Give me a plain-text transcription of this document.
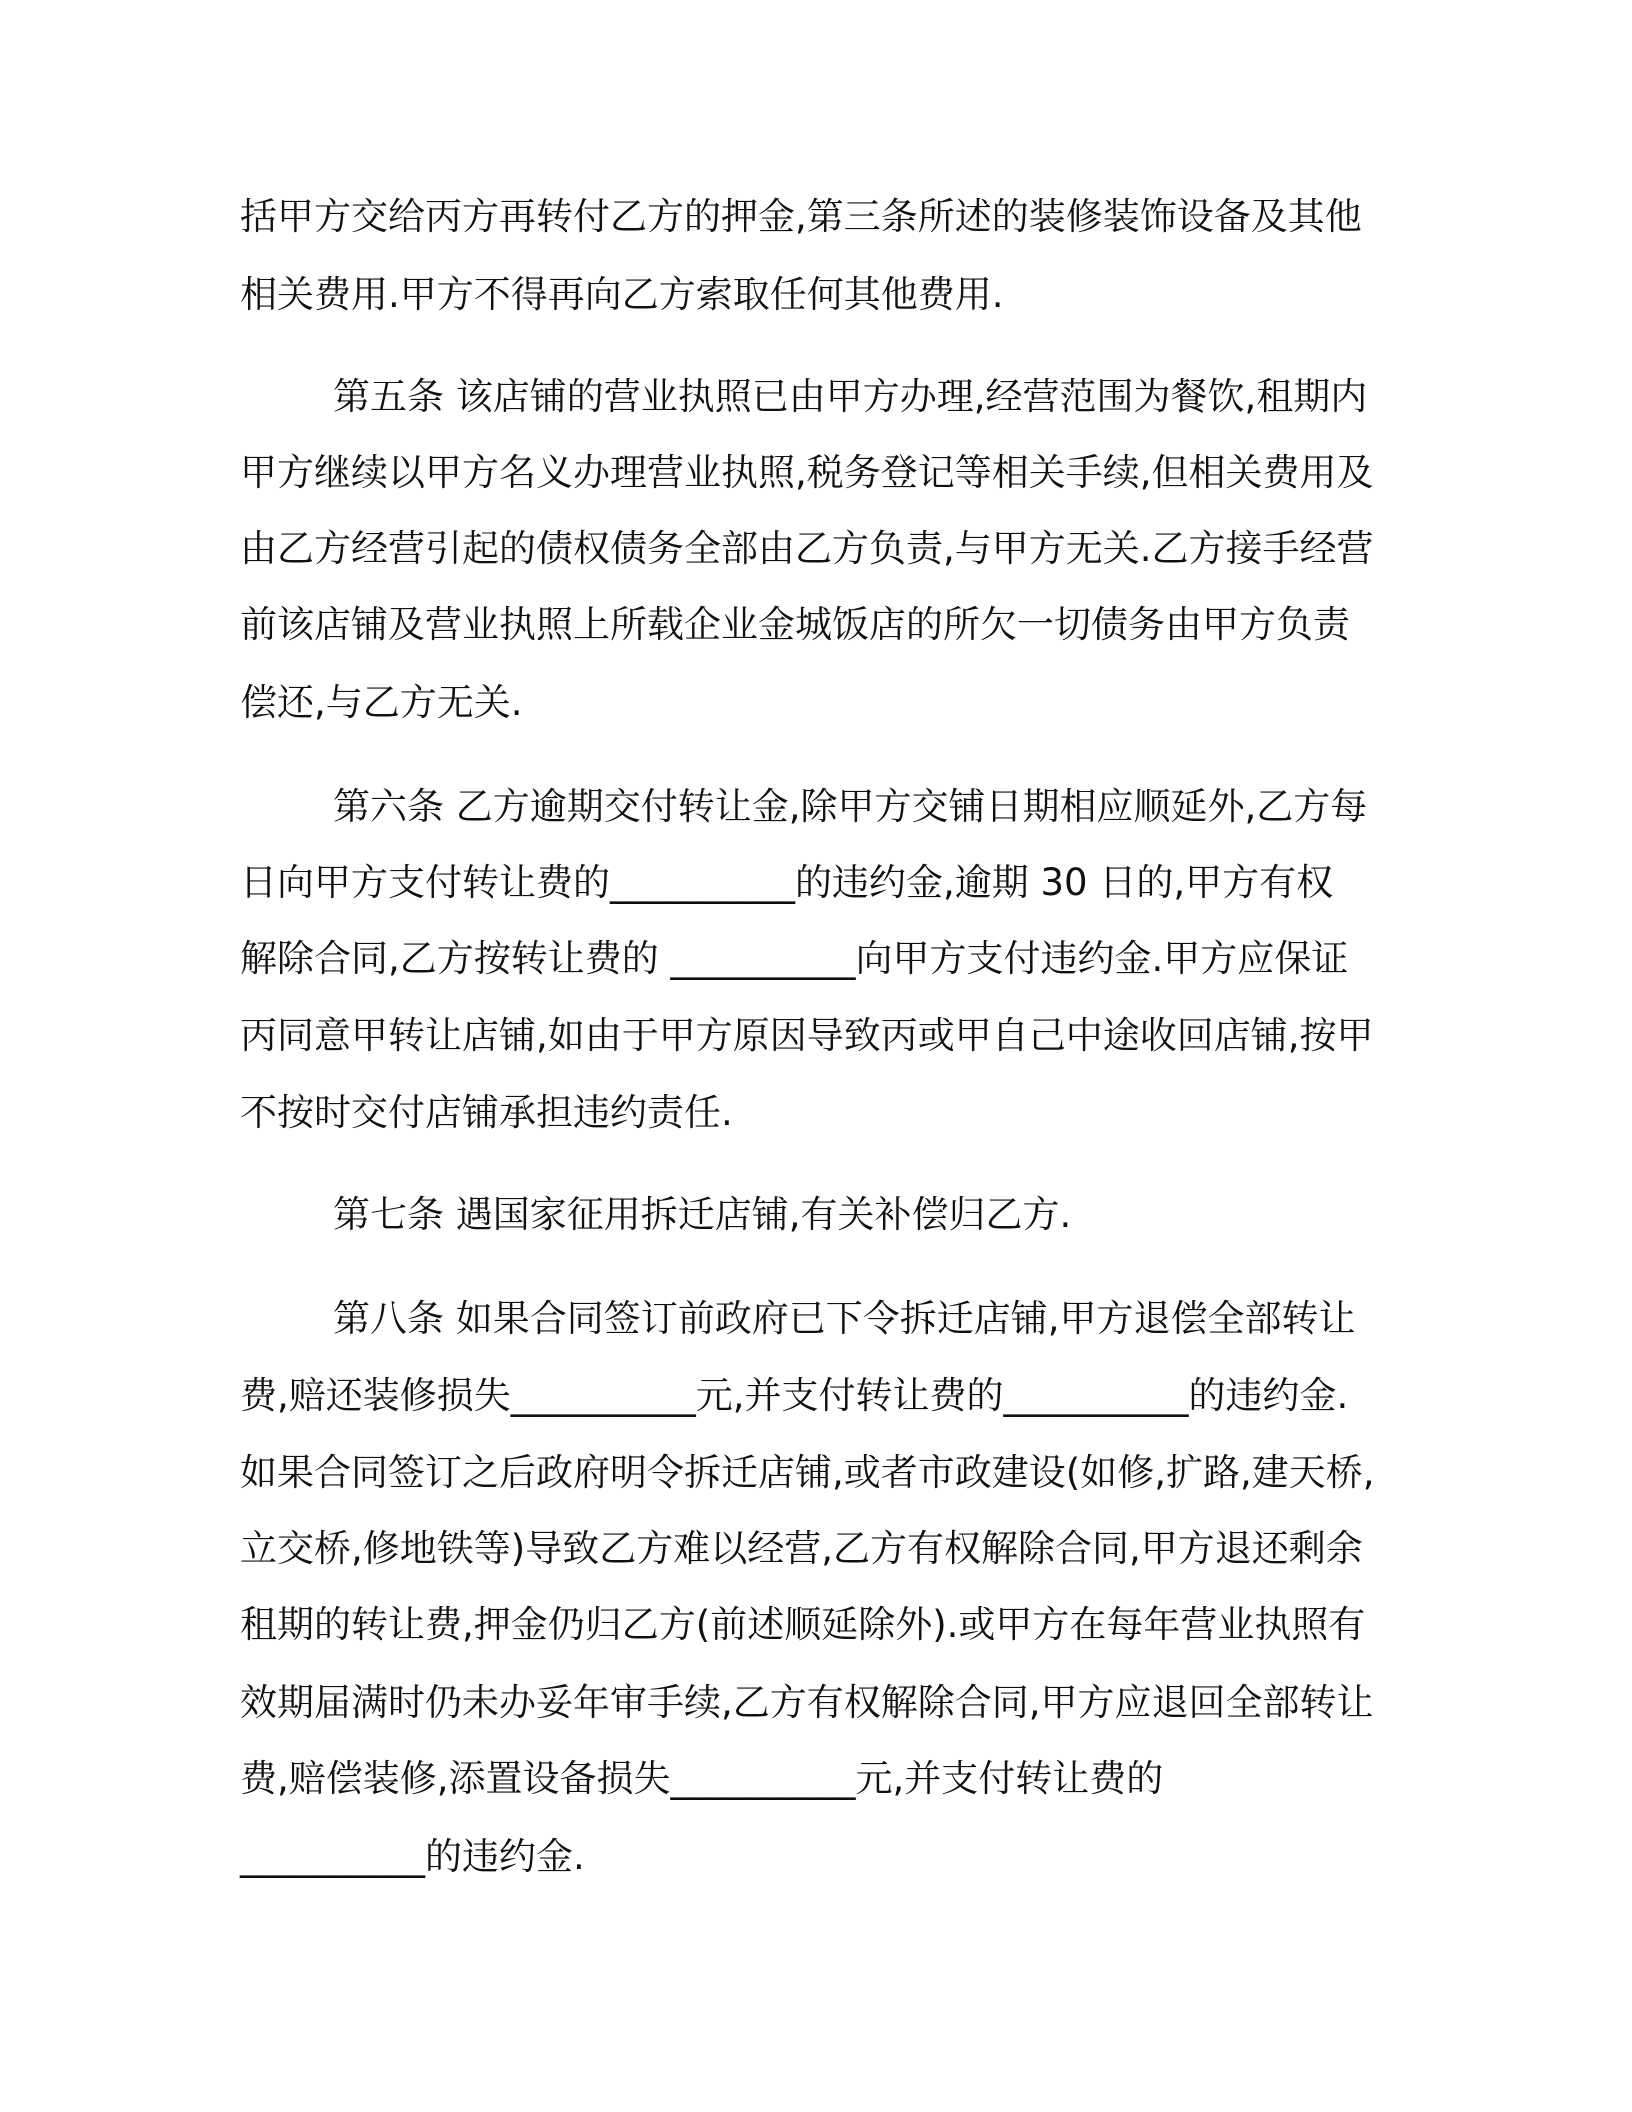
括甲方交给丙方再转付乙方的押金,第三条所述的装修装饰设备及其他
相关费用.甲方不得再向乙方索取任何其他费用.
第五条 该店铺的营业执照已由甲方办理,经营范围为餐饮,租期内
甲方继续以甲方名义办理营业执照,税务登记等相关手续,但相关费用及
由乙方经营引起的债权债务全部由乙方负责,与甲方无关.乙方接手经营
前该店铺及营业执照上所载企业金城饭店的所欠一切债务由甲方负责
偿还,与乙方无关.
第六条 乙方逾期交付转让金,除甲方交铺日期相应顺延外,乙方每
日向甲方支付转让费的__________的违约金,逾期 30 日的,甲方有权
解除合同,乙方按转让费的 __________向甲方支付违约金.甲方应保证
丙同意甲转让店铺,如由于甲方原因导致丙或甲自己中途收回店铺,按甲
不按时交付店铺承担违约责任.
第七条 遇国家征用拆迁店铺,有关补偿归乙方.
第八条 如果合同签订前政府已下令拆迁店铺,甲方退偿全部转让
费,赔还装修损失__________元,并支付转让费的__________的违约金.
如果合同签订之后政府明令拆迁店铺,或者市政建设(如修,扩路,建天桥,
立交桥,修地铁等)导致乙方难以经营,乙方有权解除合同,甲方退还剩余
租期的转让费,押金仍归乙方(前述顺延除外).或甲方在每年营业执照有
效期届满时仍未办妥年审手续,乙方有权解除合同,甲方应退回全部转让
费,赔偿装修,添置设备损失__________元,并支付转让费的
__________的违约金.
